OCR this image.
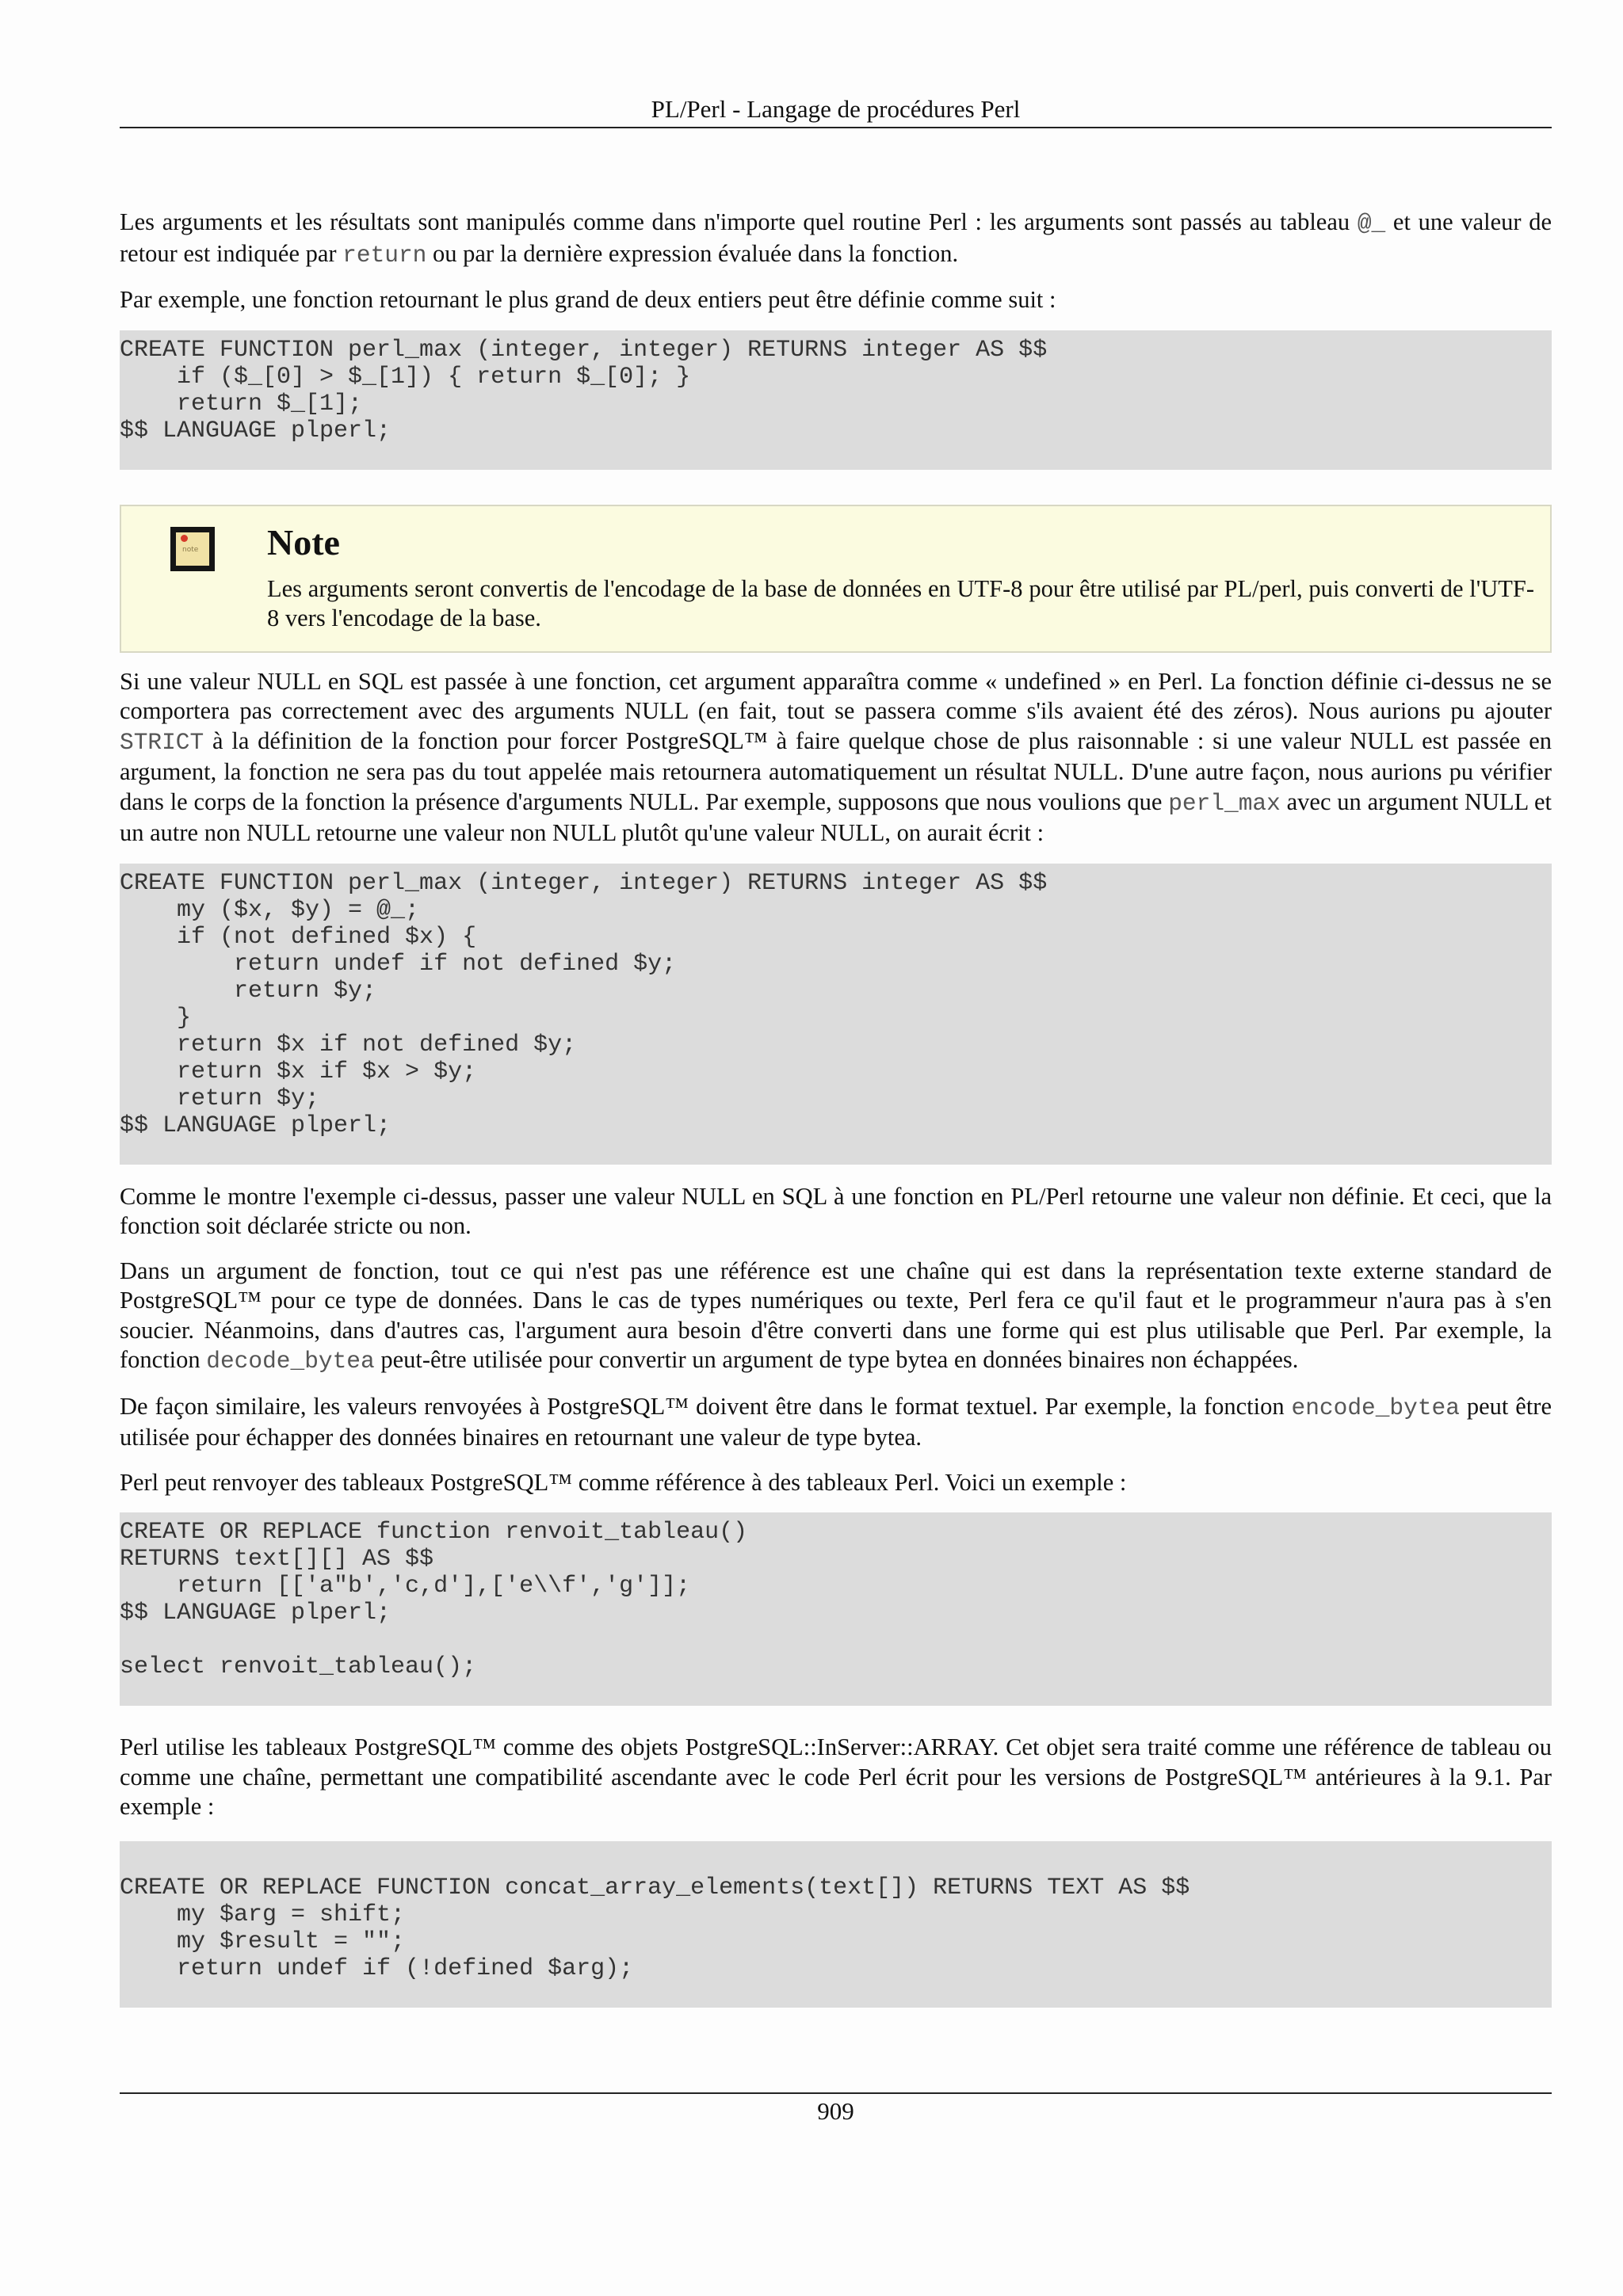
PL/Perl - Langage de procédures Perl

Les arguments et les résultats sont manipulés comme dans n'importe quel routine Perl : les arguments sont passés au tableau @_ et une valeur de retour est indiquée par return ou par la dernière expression évaluée dans la fonction.

Par exemple, une fonction retournant le plus grand de deux entiers peut être définie comme suit :

CREATE FUNCTION perl_max (integer, integer) RETURNS integer AS $$
if ($_[0] > $_[1]) { return $_[0]; }
return $_[1];
$$ LANGUAGE plperl;
note Note

Les arguments seront convertis de l'encodage de la base de données en UTF-8 pour être utilisé par PL/perl, puis converti de l'UTF-8 vers l'encodage de la base.

Si une valeur NULL en SQL est passée à une fonction, cet argument apparaîtra comme « undefined » en Perl. La fonction définie ci-dessus ne se comportera pas correctement avec des arguments NULL (en fait, tout se passera comme s'ils avaient été des zéros). Nous aurions pu ajouter STRICT à la définition de la fonction pour forcer PostgreSQL™ à faire quelque chose de plus raisonnable : si une valeur NULL est passée en argument, la fonction ne sera pas du tout appelée mais retournera automatiquement un résultat NULL. D'une autre façon, nous aurions pu vérifier dans le corps de la fonction la présence d'arguments NULL. Par exemple, supposons que nous voulions que perl_max avec un argument NULL et un autre non NULL retourne une valeur non NULL plutôt qu'une valeur NULL, on aurait écrit :

CREATE FUNCTION perl_max (integer, integer) RETURNS integer AS $$
my ($x, $y) = @_;
if (not defined $x) {
return undef if not defined $y;
return $y;
}
return $x if not defined $y;
return $x if $x > $y;
return $y;
$$ LANGUAGE plperl;

Comme le montre l'exemple ci-dessus, passer une valeur NULL en SQL à une fonction en PL/Perl retourne une valeur non définie. Et ceci, que la fonction soit déclarée stricte ou non.

Dans un argument de fonction, tout ce qui n'est pas une référence est une chaîne qui est dans la représentation texte externe standard de PostgreSQL™ pour ce type de données. Dans le cas de types numériques ou texte, Perl fera ce qu'il faut et le programmeur n'aura pas à s'en soucier. Néanmoins, dans d'autres cas, l'argument aura besoin d'être converti dans une forme qui est plus utilisable que Perl. Par exemple, la fonction decode_bytea peut-être utilisée pour convertir un argument de type bytea en données binaires non échappées.

De façon similaire, les valeurs renvoyées à PostgreSQL™ doivent être dans le format textuel. Par exemple, la fonction encode_bytea peut être utilisée pour échapper des données binaires en retournant une valeur de type bytea.

Perl peut renvoyer des tableaux PostgreSQL™ comme référence à des tableaux Perl. Voici un exemple :

CREATE OR REPLACE function renvoit_tableau()
RETURNS text[][] AS $$
return [['a"b','c,d'],['e\\f','g']];
$$ LANGUAGE plperl;

select renvoit_tableau();

Perl utilise les tableaux PostgreSQL™ comme des objets PostgreSQL::InServer::ARRAY. Cet objet sera traité comme une référence de tableau ou comme une chaîne, permettant une compatibilité ascendante avec le code Perl écrit pour les versions de PostgreSQL™ antérieures à la 9.1. Par exemple :

CREATE OR REPLACE FUNCTION concat_array_elements(text[]) RETURNS TEXT AS $$
my $arg = shift;
my $result = "";
return undef if (!defined $arg);
909
